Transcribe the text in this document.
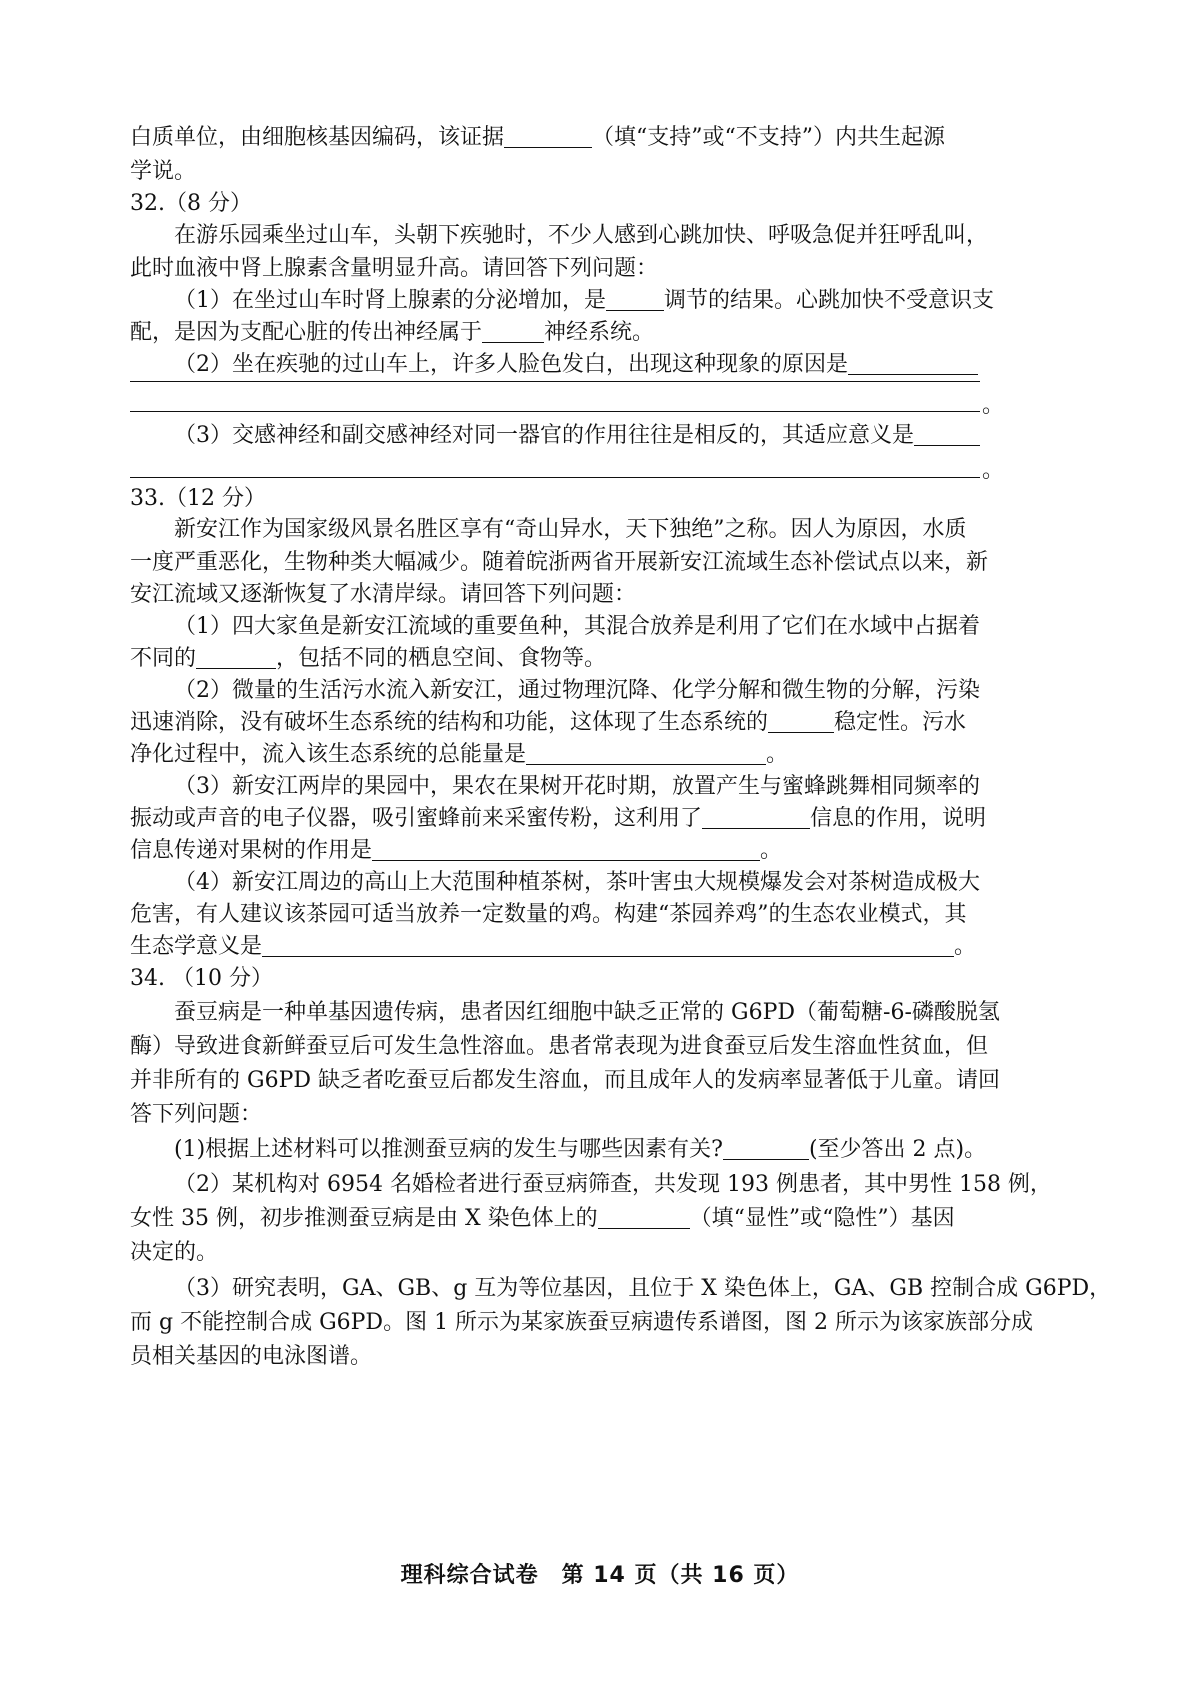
白质单位，由细胞核基因编码，该证据	（填“支持”或“不支持”）内共生起源
学说。
32.（8 分）
在游乐园乘坐过山车，头朝下疾驰时，不少人感到心跳加快、呼吸急促并狂呼乱叫，
此时血液中肾上腺素含量明显升高。请回答下列问题：
（1）在坐过山车时肾上腺素的分泌增加，是	调节的结果。心跳加快不受意识支
配，是因为支配心脏的传出神经属于	神经系统。
（2）坐在疾驰的过山车上，许多人脸色发白，出现这种现象的原因是
。
（3）交感神经和副交感神经对同一器官的作用往往是相反的，其适应意义是
。
33.（12 分）
新安江作为国家级风景名胜区享有“奇山异水，天下独绝”之称。因人为原因，水质
一度严重恶化，生物种类大幅减少。随着皖浙两省开展新安江流域生态补偿试点以来，新
安江流域又逐渐恢复了水清岸绿。请回答下列问题：
（1）四大家鱼是新安江流域的重要鱼种，其混合放养是利用了它们在水域中占据着
不同的	，包括不同的栖息空间、食物等。
（2）微量的生活污水流入新安江，通过物理沉降、化学分解和微生物的分解，污染
迅速消除，没有破坏生态系统的结构和功能，这体现了生态系统的	稳定性。污水
净化过程中，流入该生态系统的总能量是	。
（3）新安江两岸的果园中，果农在果树开花时期，放置产生与蜜蜂跳舞相同频率的
振动或声音的电子仪器，吸引蜜蜂前来采蜜传粉，这利用了	信息的作用，说明
信息传递对果树的作用是	。
（4）新安江周边的高山上大范围种植茶树，茶叶害虫大规模爆发会对茶树造成极大
危害，有人建议该茶园可适当放养一定数量的鸡。构建“茶园养鸡”的生态农业模式，其
生态学意义是	。
34. （10 分）
蚕豆病是一种单基因遗传病，患者因红细胞中缺乏正常的 G6PD（葡萄糖-6-磷酸脱氢
酶）导致进食新鲜蚕豆后可发生急性溶血。患者常表现为进食蚕豆后发生溶血性贫血，但
并非所有的 G6PD 缺乏者吃蚕豆后都发生溶血，而且成年人的发病率显著低于儿童。请回
答下列问题：
(1)根据上述材料可以推测蚕豆病的发生与哪些因素有关?	(至少答出 2 点)。
（2）某机构对 6954 名婚检者进行蚕豆病筛查，共发现 193 例患者，其中男性 158 例，
女性 35 例，初步推测蚕豆病是由 X 染色体上的	（填“显性”或“隐性”）基因
决定的。
（3）研究表明，GA、GB、g 互为等位基因，且位于 X 染色体上，GA、GB 控制合成 G6PD，
而 g 不能控制合成 G6PD。图 1 所示为某家族蚕豆病遗传系谱图，图 2 所示为该家族部分成
员相关基因的电泳图谱。
理科综合试卷　第 14 页（共 16 页）
